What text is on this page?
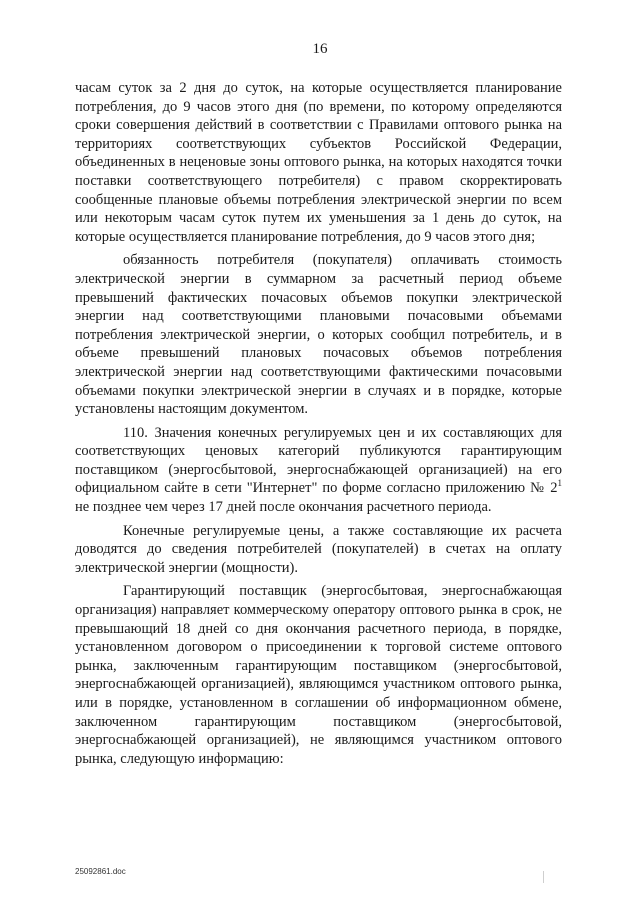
16

часам суток за 2 дня до суток, на которые осуществляется планирование потребления, до 9 часов этого дня (по времени, по которому определяются сроки совершения действий в соответствии с Правилами оптового рынка на территориях соответствующих субъектов Российской Федерации, объединенных в неценовые зоны оптового рынка, на которых находятся точки поставки соответствующего потребителя) с правом скорректировать сообщенные плановые объемы потребления электрической энергии по всем или некоторым часам суток путем их уменьшения за 1 день до суток, на которые осуществляется планирование потребления, до 9 часов этого дня;

обязанность потребителя (покупателя) оплачивать стоимость электрической энергии в суммарном за расчетный период объеме превышений фактических почасовых объемов покупки электрической энергии над соответствующими плановыми почасовыми объемами потребления электрической энергии, о которых сообщил потребитель, и в объеме превышений плановых почасовых объемов потребления электрической энергии над соответствующими фактическими почасовыми объемами покупки электрической энергии в случаях и в порядке, которые установлены настоящим документом.

110. Значения конечных регулируемых цен и их составляющих для соответствующих ценовых категорий публикуются гарантирующим поставщиком (энергосбытовой, энергоснабжающей организацией) на его официальном сайте в сети "Интернет" по форме согласно приложению № $2^1$ не позднее чем через 17 дней после окончания расчетного периода.

Конечные регулируемые цены, а также составляющие их расчета доводятся до сведения потребителей (покупателей) в счетах на оплату электрической энергии (мощности).

Гарантирующий поставщик (энергосбытовая, энергоснабжающая организация) направляет коммерческому оператору оптового рынка в срок, не превышающий 18 дней со дня окончания расчетного периода, в порядке, установленном договором о присоединении к торговой системе оптового рынка, заключенным гарантирующим поставщиком (энергосбытовой, энергоснабжающей организацией), являющимся участником оптового рынка, или в порядке, установленном в соглашении об информационном обмене, заключенном гарантирующим поставщиком (энергосбытовой, энергоснабжающей организацией), не являющимся участником оптового рынка, следующую информацию:

25092861.doc
